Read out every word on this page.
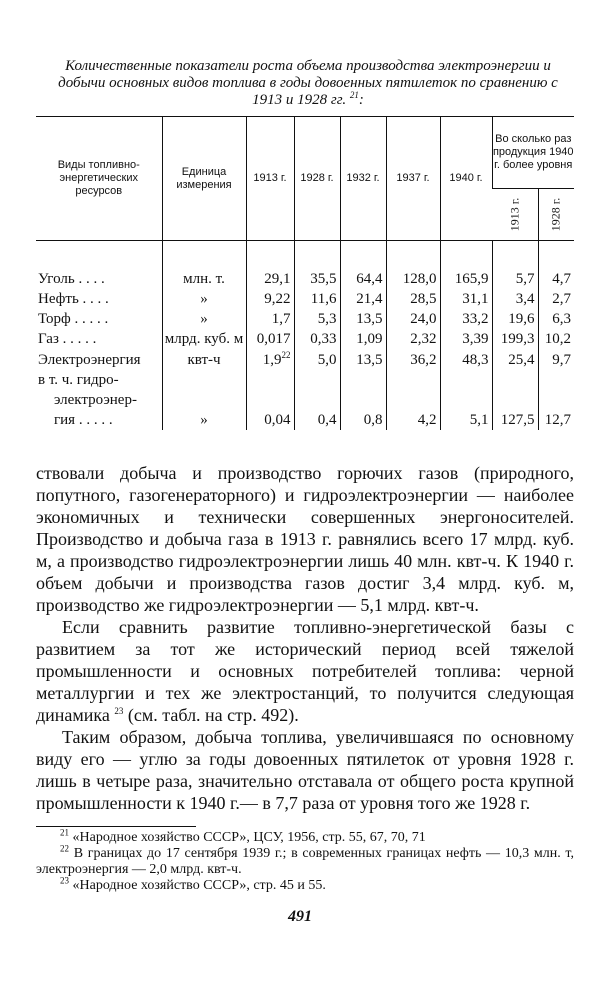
Количественные показатели роста объема производства электроэнергии и добычи основных видов топлива в годы довоенных пятилеток по сравнению с 1913 и 1928 гг. $^{21}$:
Виды топливно-энергетических ресурсов	Единица измерения	1913 г.	1928 г.	1932 г.	1937 г.	1940 г.	Во сколько раз продукция 1940 г. более уровня	
							1913 г.	1928 г.

Уголь . . . .	млн. т.	29,1	35,5	64,4	128,0	165,9	5,7	4,7
Нефть . . . .	»	9,22	11,6	21,4	28,5	31,1	3,4	2,7
Торф . . . . .	»	1,7	5,3	13,5	24,0	33,2	19,6	6,3
Газ . . . . .	млрд. куб. м	0,017	0,33	1,09	2,32	3,39	199,3	10,2
Электроэнергия	квт-ч	$1,9^{22}$	5,0	13,5	36,2	48,3	25,4	9,7
в т. ч. гидро-								
электроэнер-								
гия . . . . .	»	0,04	0,4	0,8	4,2	5,1	127,5	12,7

ствовали добыча и производство горючих газов (природного, попутного, газогенераторного) и гидроэлектроэнергии — наиболее экономичных и технически совершенных энергоносителей. Производство и добыча газа в 1913 г. равнялись всего 17 млрд. куб. м, а производство гидроэлектроэнергии лишь 40 млн. квт-ч. К 1940 г. объем добычи и производства газов достиг 3,4 млрд. куб. м, производство же гидроэлектроэнергии — 5,1 млрд. квт-ч.

Если сравнить развитие топливно-энергетической базы с развитием за тот же исторический период всей тяжелой промышленности и основных потребителей топлива: черной металлургии и тех же электростанций, то получится следующая динамика $^{23}$ (см. табл. на стр. 492).

Таким образом, добыча топлива, увеличившаяся по основному виду его — углю за годы довоенных пятилеток от уровня 1928 г. лишь в четыре раза, значительно отставала от общего роста крупной промышленности к 1940 г.— в 7,7 раза от уровня того же 1928 г.

$^{21}$ «Народное хозяйство СССР», ЦСУ, 1956, стр. 55, 67, 70, 71

$^{22}$ В границах до 17 сентября 1939 г.; в современных границах нефть — 10,3 млн. т, электроэнергия — 2,0 млрд. квт-ч.

$^{23}$ «Народное хозяйство СССР», стр. 45 и 55.

491
